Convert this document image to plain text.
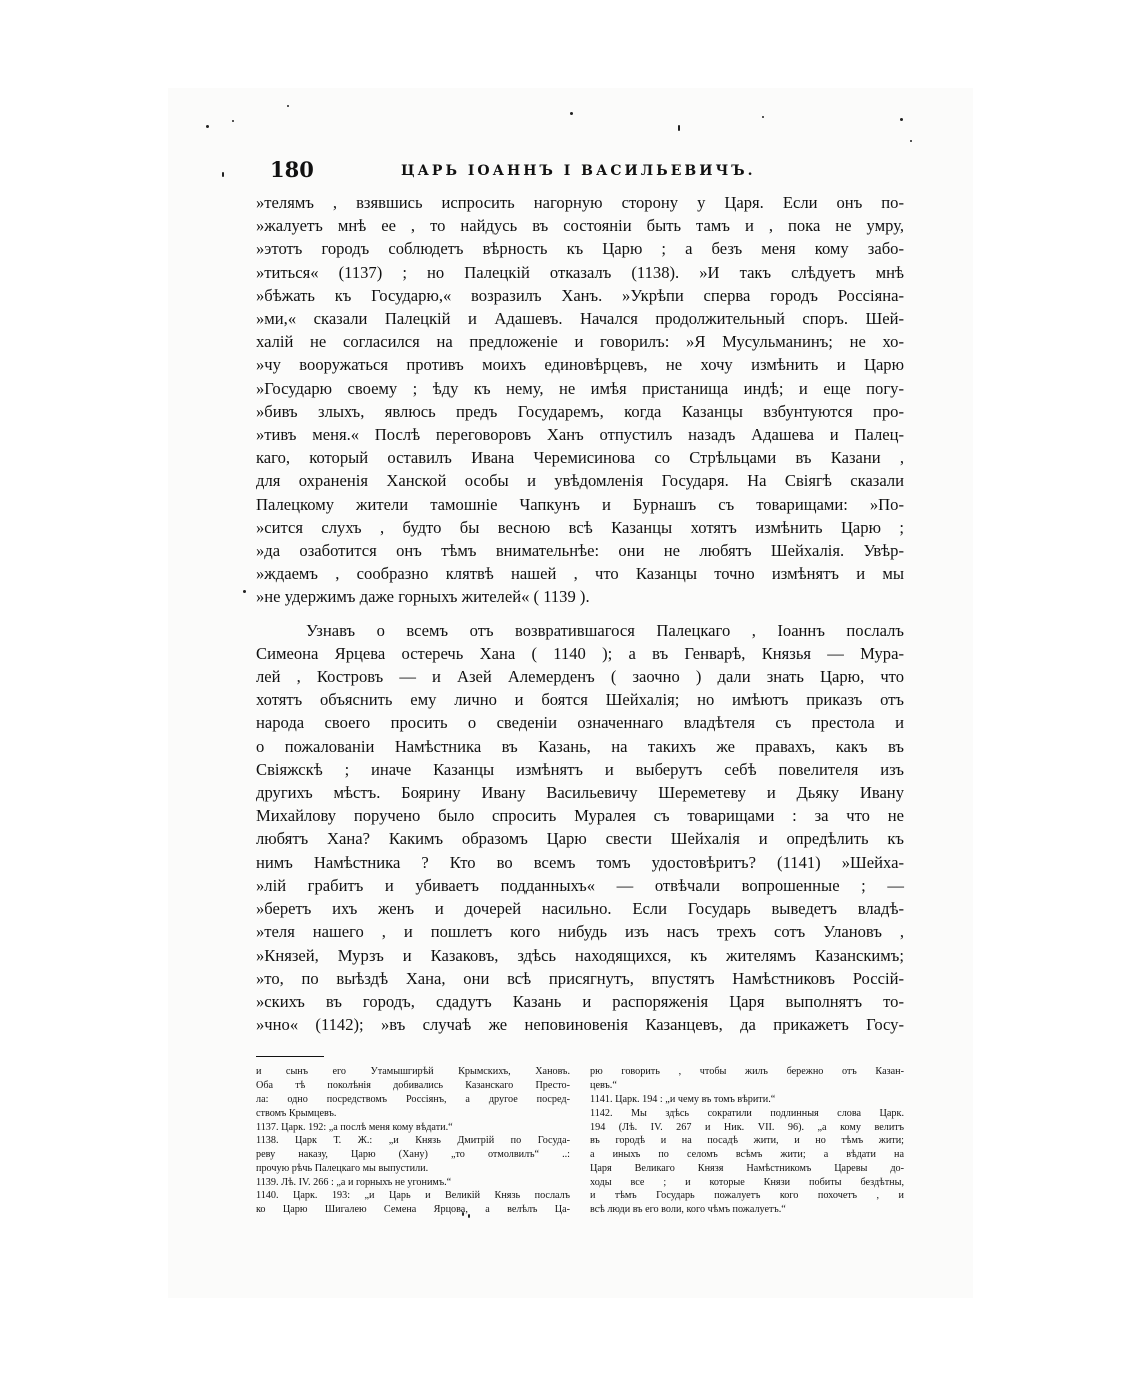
180	ЦАРЬ ІОАННЪ І ВАСИЛЬЕВИЧЪ.
»телямъ , взявшись испросить нагорную сторону у Царя. Если онъ по-
»жалуетъ мнѣ ее , то найдусь въ состояніи быть тамъ и , пока не умру,
»этотъ городъ соблюдетъ вѣрность къ Царю ; а безъ меня кому забо-
»титься« (1137) ; но Палецкій отказалъ (1138). »И такъ слѣдуетъ мнѣ
»бѣжать къ Государю,« возразилъ Ханъ. »Укрѣпи сперва городъ Россіяна-
»ми,« сказали Палецкій и Адашевъ. Начался продолжительный споръ. Шей-
халій не согласился на предложеніе и говорилъ: »Я Мусульманинъ; не хо-
»чу вооружаться противъ моихъ единовѣрцевъ, не хочу измѣнить и Царю
»Государю своему ; ѣду къ нему, не имѣя пристанища индѣ; и еще погу-
»бивъ злыхъ, явлюсь предъ Государемъ, когда Казанцы взбунтуются про-
»тивъ меня.« Послѣ переговоровъ Ханъ отпустилъ назадъ Адашева и Палец-
каго, который оставилъ Ивана Черемисинова со Стрѣльцами въ Казани ,
для охраненія Ханской особы и увѣдомленія Государя. На Свіягѣ сказали
Палецкому жители тамошніе Чапкунъ и Бурнашъ съ товарищами: »По-
»сится слухъ , будто бы весною всѣ Казанцы хотятъ измѣнить Царю ;
»да озаботится онъ тѣмъ внимательнѣе: они не любятъ Шейхалія. Увѣр-
»ждаемъ , сообразно клятвѣ нашей , что Казанцы точно измѣнятъ и мы
»не удержимъ даже горныхъ жителей« ( 1139 ).
Узнавъ о всемъ отъ возвратившагося Палецкаго , Іоаннъ послалъ
Симеона Ярцева остеречь Хана ( 1140 ); а въ Генварѣ, Князья — Мура-
лей , Костровъ — и Азей Алемерденъ ( заочно ) дали знать Царю, что
хотятъ объяснить ему лично и боятся Шейхалія; но имѣютъ приказъ отъ
народа своего просить о сведеніи означеннаго владѣтеля съ престола и
о пожалованіи Намѣстника въ Казань, на такихъ же правахъ, какъ въ
Свіяжскѣ ; иначе Казанцы измѣнятъ и выберутъ себѣ повелителя изъ
другихъ мѣстъ. Боярину Ивану Васильевичу Шереметеву и Дьяку Ивану
Михайлову поручено было спросить Муралея съ товарищами : за что не
любятъ Хана? Какимъ образомъ Царю свести Шейхалія и опредѣлить къ
нимъ Намѣстника ? Кто во всемъ томъ удостовѣритъ? (1141) »Шейха-
»лій грабитъ и убиваетъ подданныхъ« — отвѣчали вопрошенные ; —
»беретъ ихъ женъ и дочерей насильно. Если Государь выведетъ владѣ-
»теля нашего , и пошлетъ кого нибудь изъ насъ трехъ сотъ Улановъ ,
»Князей, Мурзъ и Казаковъ, здѣсь находящихся, къ жителямъ Казанскимъ;
»то, по выѣздѣ Хана, они всѣ присягнутъ, впустятъ Намѣстниковъ Россій-
»скихъ въ городъ, сдадутъ Казань и распоряженія Царя выполнятъ то-
»чно« (1142); »въ случаѣ же неповиновенія Казанцевъ, да прикажетъ Госу-
и сынъ его Утамышгирѣй Крымскихъ, Хановъ.
Оба тѣ поколѣнія добивались Казанскаго Престо-
ла: одно посредствомъ Россіянъ, а другое посред-
ствомъ Крымцевъ.
1137. Царк. 192: „а послѣ меня кому вѣдати.“
1138. Царк Т. Ж.: „и Князь Дмитрій по Госуда-
реву наказу, Царю (Хану) „то отмолвилъ“ ..:
прочую рѣчь Палецкаго мы выпустили.
1139. Лѣ. IV. 266 : „а и горныхъ не угонимъ.“
1140. Царк. 193: „и Царь и Великій Князь послалъ
ко Царю Шигалею Семена Ярцова, а велѣлъ Ца-
рю говорить , чтобы жилъ бережно отъ Казан-
цевъ.“
1141. Царк. 194 : „и чему въ томъ вѣрити.“
1142. Мы здѣсь сократили подлинныя слова Царк.
194 (Лѣ. IV. 267 и Ник. VII. 96). „а кому велитъ
въ городѣ и на посадѣ жити, и но тѣмъ жити;
а иныхъ по селомъ всѣмъ жити; а вѣдати на
Царя Великаго Князя Намѣстникомъ Царевы до-
ходы все ; и которые Князи побиты бездѣтны,
и тѣмъ Государь пожалуетъ кого похочетъ , и
всѣ люди въ его воли, кого чѣмъ пожалуетъ.“
